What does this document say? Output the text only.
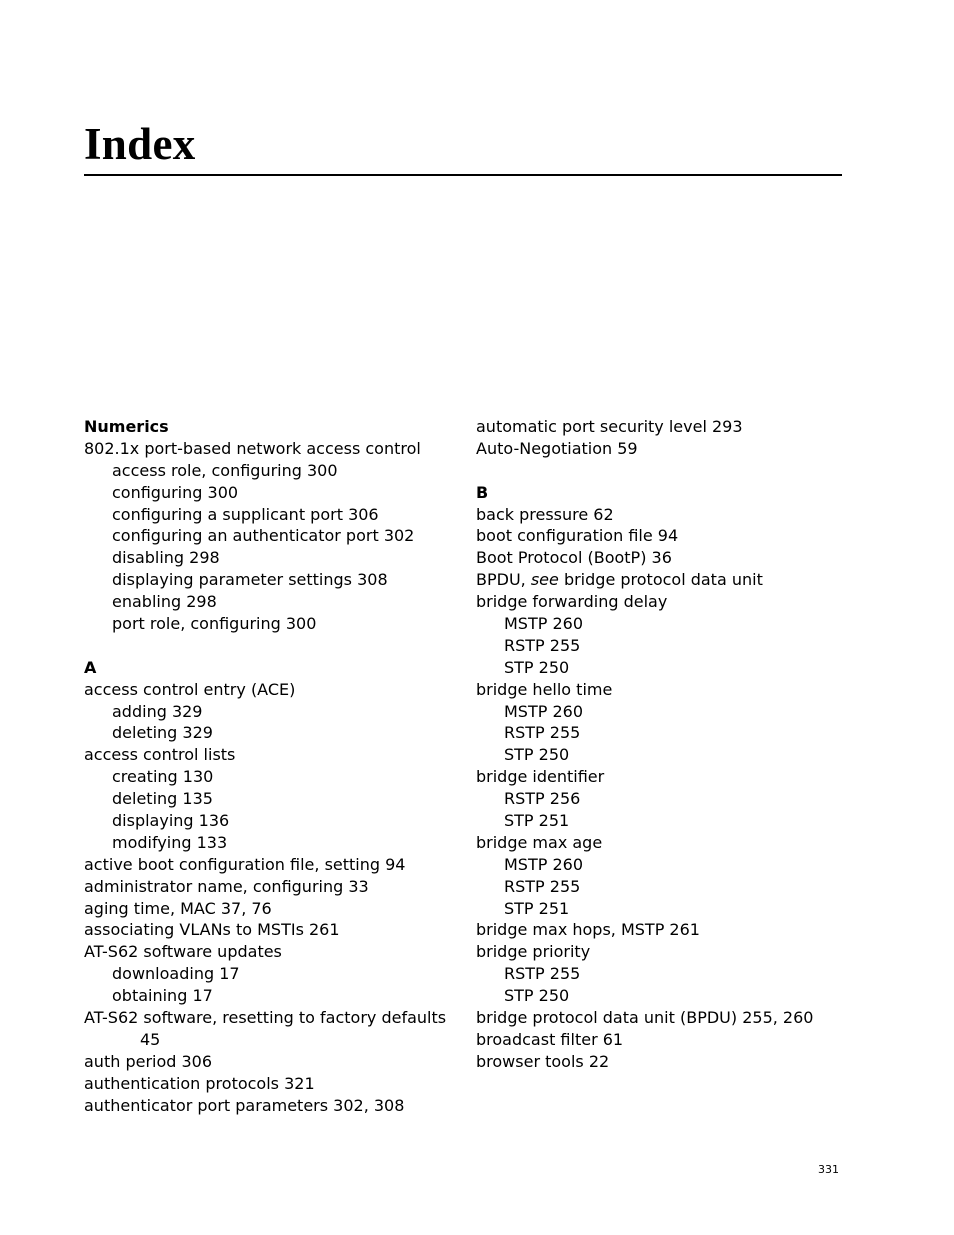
Index
Numerics
802.1x port-based network access control
access role, configuring 300
configuring 300
configuring a supplicant port 306
configuring an authenticator port 302
disabling 298
displaying parameter settings 308
enabling 298
port role, configuring 300
A
access control entry (ACE)
adding 329
deleting 329
access control lists
creating 130
deleting 135
displaying 136
modifying 133
active boot configuration file, setting 94
administrator name, configuring 33
aging time, MAC 37, 76
associating VLANs to MSTIs 261
AT-S62 software updates
downloading 17
obtaining 17
AT-S62 software, resetting to factory defaults
45
auth period 306
authentication protocols 321
authenticator port parameters 302, 308
automatic port security level 293
Auto-Negotiation 59
B
back pressure 62
boot configuration file 94
Boot Protocol (BootP) 36
BPDU, see bridge protocol data unit
bridge forwarding delay
MSTP 260
RSTP 255
STP 250
bridge hello time
MSTP 260
RSTP 255
STP 250
bridge identifier
RSTP 256
STP 251
bridge max age
MSTP 260
RSTP 255
STP 251
bridge max hops, MSTP 261
bridge priority
RSTP 255
STP 250
bridge protocol data unit (BPDU) 255, 260
broadcast filter 61
browser tools 22
331
